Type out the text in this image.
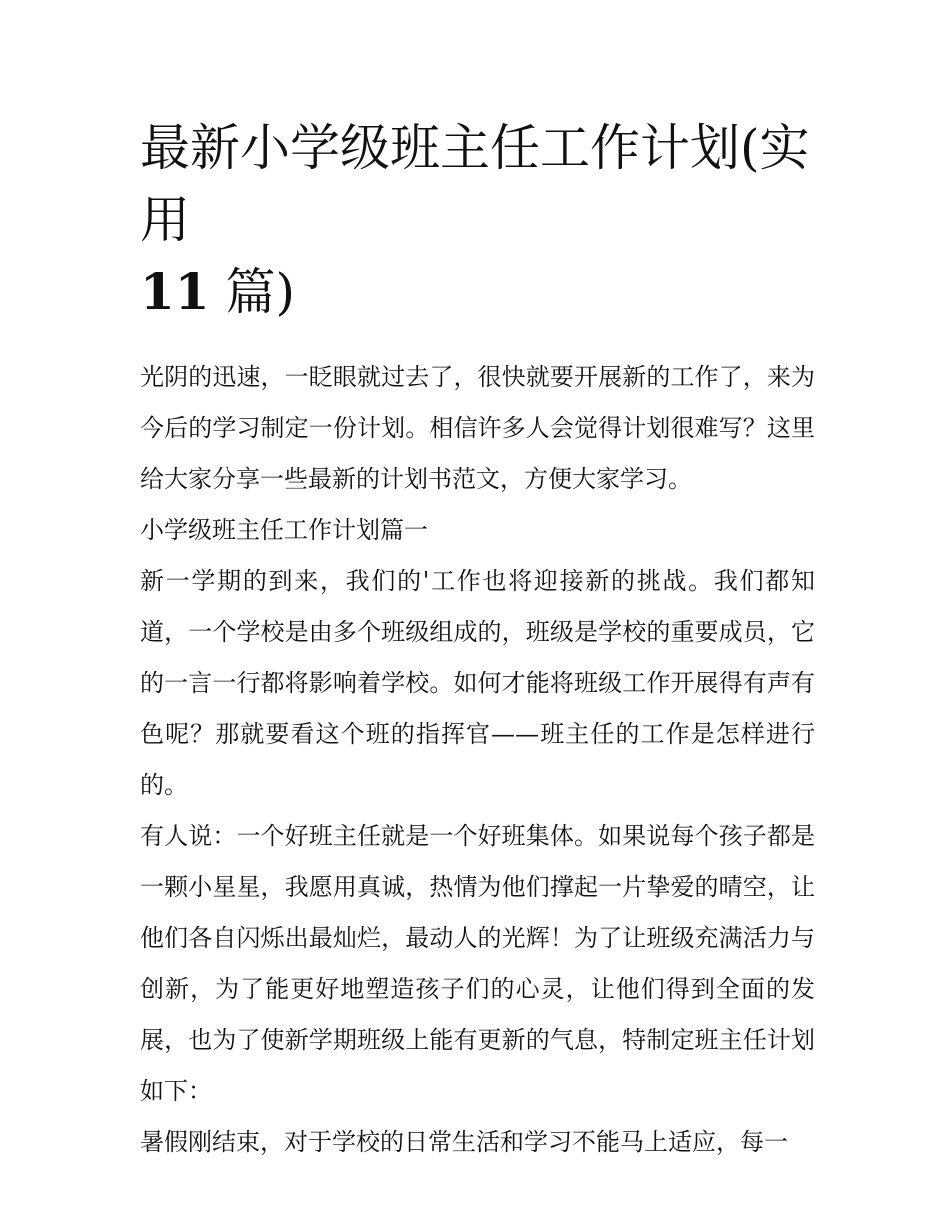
最新小学级班主任工作计划(实用
11 篇)

光阴的迅速，一眨眼就过去了，很快就要开展新的工作了，来为今后的学习制定一份计划。相信许多人会觉得计划很难写？这里给大家分享一些最新的计划书范文，方便大家学习。

小学级班主任工作计划篇一

新一学期的到来，我们的'工作也将迎接新的挑战。我们都知道，一个学校是由多个班级组成的，班级是学校的重要成员，它的一言一行都将影响着学校。如何才能将班级工作开展得有声有色呢？那就要看这个班的指挥官——班主任的工作是怎样进行的。

有人说：一个好班主任就是一个好班集体。如果说每个孩子都是一颗小星星，我愿用真诚，热情为他们撑起一片挚爱的晴空，让他们各自闪烁出最灿烂，最动人的光辉！为了让班级充满活力与创新，为了能更好地塑造孩子们的心灵，让他们得到全面的发展，也为了使新学期班级上能有更新的气息，特制定班主任计划如下：

暑假刚结束，对于学校的日常生活和学习不能马上适应，每一
